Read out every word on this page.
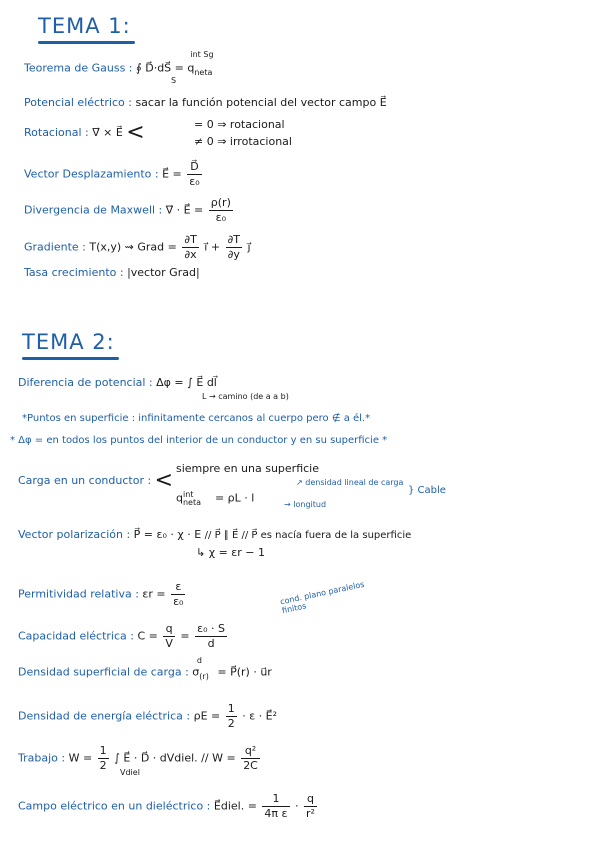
TEMA 1:
Teorema de Gauss : ∮ D⃗·dS⃗ = $q_{neta}^{int Sg}$
S
Potencial eléctrico : sacar la función potencial del vector campo E⃗
Rotacional : ∇⃗ × E⃗ <	= 0 ⇒ rotacional
≠ 0 ⇒ irrotacional
Vector Desplazamiento : E⃗ = $\frac{D⃗}{\text{ε₀}}$
Divergencia de Maxwell : ∇⃗ · E⃗ = $\frac{\rho(r)}{\text{ε₀}}$
Gradiente : T(x,y) ⇝ Grad = $\frac{\partial T}{\partial x}$ i⃗ + $\frac{\partial T}{\partial y}$ j⃗
Tasa crecimiento : |vector Grad|
TEMA 2:
Diferencia de potencial : Δφ = ∫ E⃗ dl⃗
L → camino (de a a b)
*Puntos en superficie : infinitamente cercanos al cuerpo pero ∉ a él.*
* Δφ = en todos los puntos del interior de un conductor y en su superficie *
Carga en un conductor : < siempre en una superficie
$q_{neta}^{int} = \rho L \cdot l$
↗ densidad lineal de carga
→ longitud
} Cable
Vector polarización : P⃗ = ε₀ · χ · E // P⃗ ∥ E⃗ // P⃗ es nacía fuera de la superficie
↳ χ = εr − 1
Permitividad relativa : $\varepsilon r = \frac{\varepsilon}{\text{ε₀}}$
Capacidad eléctrica : $C = \frac{q}{V} = \frac{\text{ε₀ · S}}{d}$
cond. plano paralelos finitos
Densidad superficial de carga : $\sigma_{(r)}^d$ = P⃗(r) · u⃗r
Densidad de energía eléctrica : $\rho E = \frac{1}{2} \cdot \varepsilon$ · E⃗²
Trabajo : $W = \frac{1}{2}$ ∫ E⃗ · D⃗ · dVdiel. // $W = \frac{\text{q²}}{2C}$
Vdiel
Campo eléctrico en un dieléctrico : E⃗diel. = $\frac{1}{\text{4π ε}} \cdot \frac{q}{\text{r²}}$
